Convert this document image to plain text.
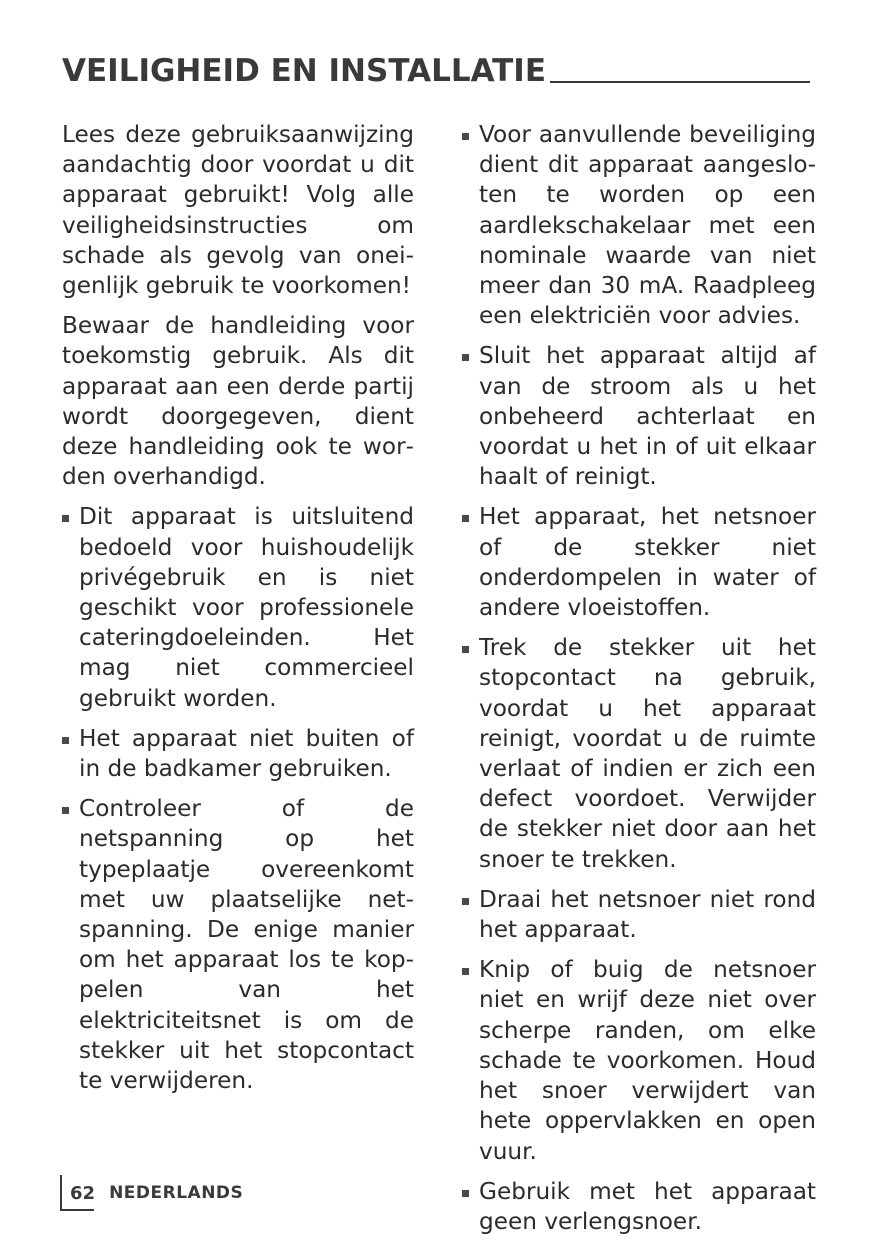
VEILIGHEID EN INSTALLATIE

Lees deze gebruiksaanwijzing aandachtig door voordat u dit apparaat gebruikt! Volg alle veiligheidsinstructies om schade als gevolg van oneigenlijk gebruik te voorkomen!

Bewaar de handleiding voor toekomstig gebruik. Als dit apparaat aan een derde partij wordt doorgegeven, dient deze handleiding ook te worden overhandigd.

Dit apparaat is uitsluitend bedoeld voor huishoudelijk privégebruik en is niet geschikt voor professionele cateringdoeleinden. Het mag niet commercieel gebruikt worden.
Het apparaat niet buiten of in de badkamer gebruiken.
Controleer of de netspanning op het typeplaatje overeenkomt met uw plaatselijke netspanning. De enige manier om het apparaat los te koppelen van het elektriciteitsnet is om de stekker uit het stopcontact te verwijderen.
Voor aanvullende beveiliging dient dit apparaat aangesloten te worden op een aardlekschakelaar met een nominale waarde van niet meer dan 30 mA. Raadpleeg een elektriciën voor advies.
Sluit het apparaat altijd af van de stroom als u het onbeheerd achterlaat en voordat u het in of uit elkaar haalt of reinigt.
Het apparaat, het netsnoer of de stekker niet onderdompelen in water of andere vloeistoffen.
Trek de stekker uit het stopcontact na gebruik, voordat u het apparaat reinigt, voordat u de ruimte verlaat of indien er zich een defect voordoet. Verwijder de stekker niet door aan het snoer te trekken.
Draai het netsnoer niet rond het apparaat.
Knip of buig de netsnoer niet en wrijf deze niet over scherpe randen, om elke schade te voorkomen. Houd het snoer verwijdert van hete oppervlakken en open vuur.
Gebruik met het apparaat geen verlengsnoer.
62 NEDERLANDS
